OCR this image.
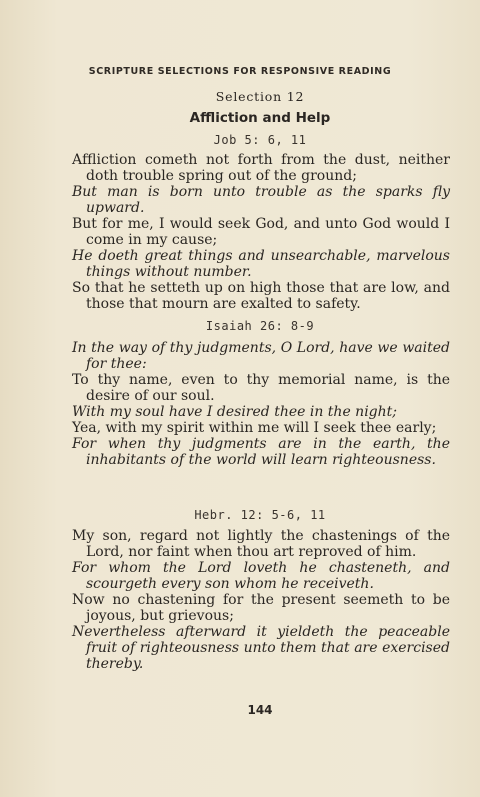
SCRIPTURE SELECTIONS FOR RESPONSIVE READING
Selection 12
Affliction and Help
Job 5: 6, 11

Affliction cometh not forth from the dust, neither doth trouble spring out of the ground;

But man is born unto trouble as the sparks fly upward.

But for me, I would seek God, and unto God would I come in my cause;

He doeth great things and unsearchable, marvelous things without number.

So that he setteth up on high those that are low, and those that mourn are exalted to safety.

Isaiah 26: 8-9

In the way of thy judgments, O Lord, have we waited for thee:

To thy name, even to thy memorial name, is the desire of our soul.

With my soul have I desired thee in the night;

Yea, with my spirit within me will I seek thee early;

For when thy judgments are in the earth, the inhabitants of the world will learn righteousness.

Hebr. 12: 5-6, 11

My son, regard not lightly the chastenings of the Lord, nor faint when thou art reproved of him.

For whom the Lord loveth he chasteneth, and scourgeth every son whom he receiveth.

Now no chastening for the present seemeth to be joyous, but grievous;

Nevertheless afterward it yieldeth the peaceable fruit of righteousness unto them that are exercised thereby.

144
